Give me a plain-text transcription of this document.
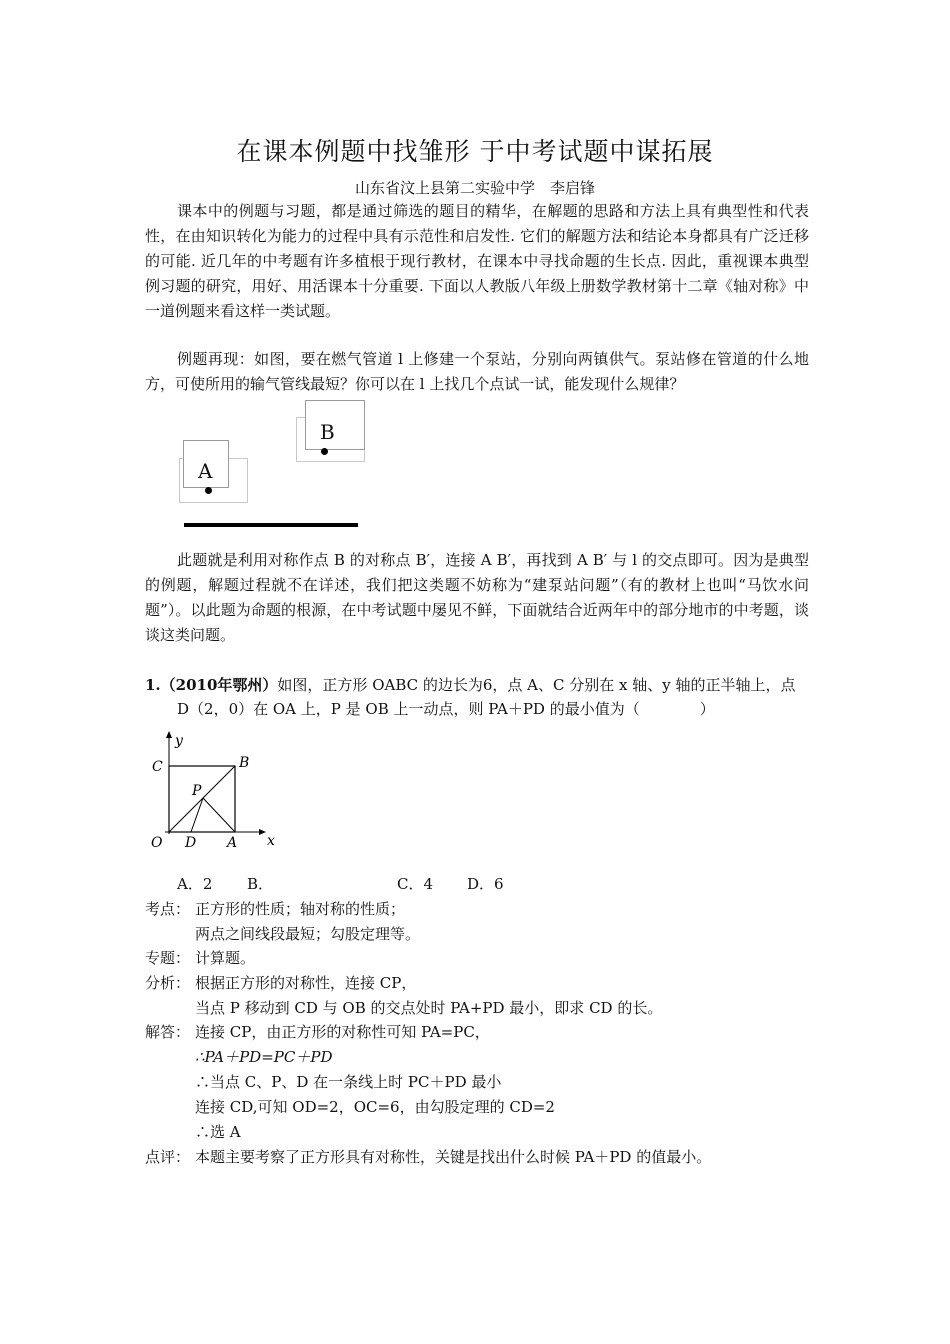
在课本例题中找雏形 于中考试题中谋拓展
山东省汶上县第二实验中学　李启锋

课本中的例题与习题，都是通过筛选的题目的精华，在解题的思路和方法上具有典型性和代表性，在由知识转化为能力的过程中具有示范性和启发性. 它们的解题方法和结论本身都具有广泛迁移的可能. 近几年的中考题有许多植根于现行教材，在课本中寻找命题的生长点. 因此，重视课本典型例习题的研究，用好、用活课本十分重要. 下面以人教版八年级上册数学教材第十二章《轴对称》中一道例题来看这样一类试题。

例题再现：如图，要在燃气管道 l 上修建一个泵站，分别向两镇供气。泵站修在管道的什么地方，可使所用的输气管线最短？你可以在 l 上找几个点试一试，能发现什么规律？

A
B

此题就是利用对称作点 B 的对称点 B′，连接 A B′，再找到 A B′ 与 l 的交点即可。因为是典型的例题，解题过程就不在详述，我们把这类题不妨称为“建泵站问题”（有的教材上也叫“马饮水问题”）。以此题为命题的根源，在中考试题中屡见不鲜，下面就结合近两年中的部分地市的中考题，谈谈这类问题。

1.（2010年鄂州）如图，正方形 OABC 的边长为6，点 A、C 分别在 x 轴、y 轴的正半轴上，点
D（2，0）在 OA 上，P 是 OB 上一动点，则 PA＋PD 的最小值为（　　　　）
y
x
C	B
P
O D A
A．2 B．	C．4 D．6
考点： 正方形的性质；轴对称的性质；
两点之间线段最短；勾股定理等。
专题： 计算题。
分析： 根据正方形的对称性，连接 CP，
当点 P 移动到 CD 与 OB 的交点处时 PA+PD 最小，即求 CD 的长。
解答： 连接 CP，由正方形的对称性可知 PA=PC，
∴PA＋PD=PC＋PD
∴当点 C、P、D 在一条线上时 PC＋PD 最小
连接 CD,可知 OD=2，OC=6，由勾股定理的 CD=2
∴选 A
点评： 本题主要考察了正方形具有对称性，关键是找出什么时候 PA＋PD 的值最小。
